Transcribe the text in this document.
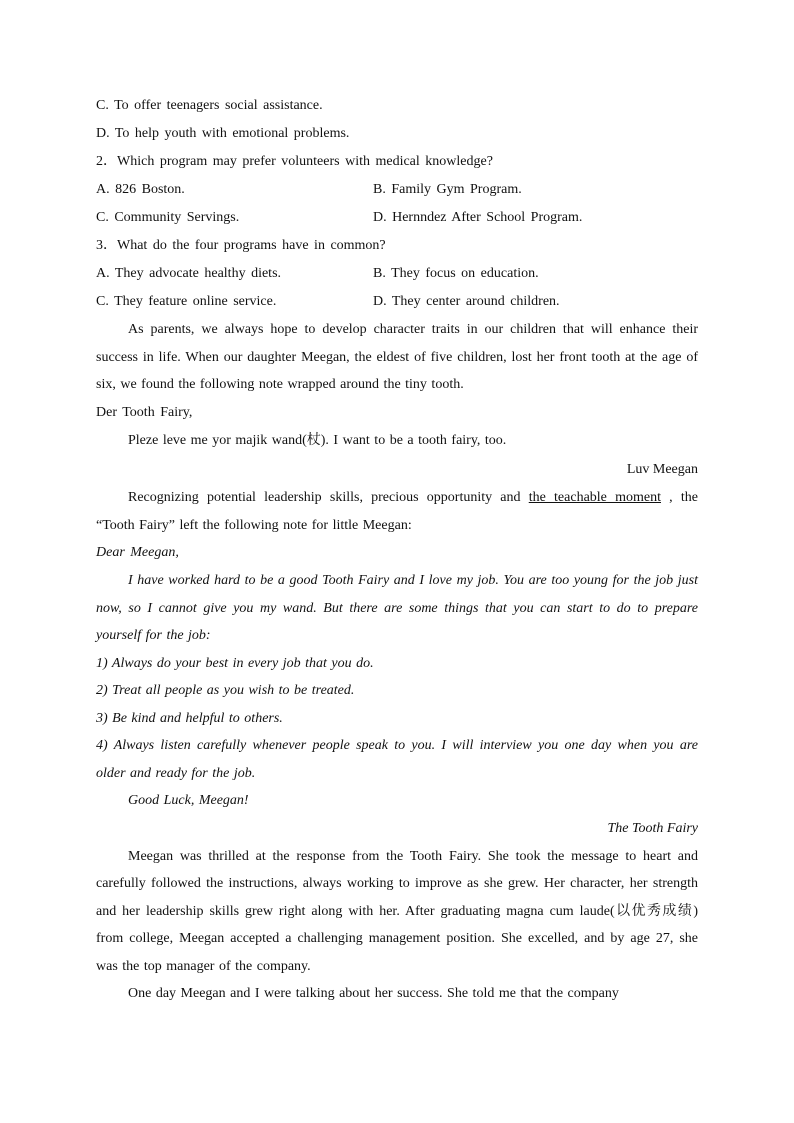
C. To offer teenagers social assistance.
D. To help youth with emotional problems.
2．Which program may prefer volunteers with medical knowledge?
A. 826 Boston.	B. Family Gym Program.
C. Community Servings.	D. Hernndez After School Program.
3．What do the four programs have in common?
A. They advocate healthy diets.	B. They focus on education.
C. They feature online service.	D. They center around children.
As parents, we always hope to develop character traits in our children that will enhance their success in life. When our daughter Meegan, the eldest of five children, lost her front tooth at the age of six, we found the following note wrapped around the tiny tooth.
Der Tooth Fairy,
Pleze leve me yor majik wand(杖). I want to be a tooth fairy, too.
Luv Meegan
Recognizing potential leadership skills, precious opportunity and the teachable moment , the “Tooth Fairy” left the following note for little Meegan:
Dear Meegan,
I have worked hard to be a good Tooth Fairy and I love my job. You are too young for the job just now, so I cannot give you my wand. But there are some things that you can start to do to prepare yourself for the job:
1) Always do your best in every job that you do.
2) Treat all people as you wish to be treated.
3) Be kind and helpful to others.
4) Always listen carefully whenever people speak to you. I will interview you one day when you are older and ready for the job.
Good Luck, Meegan!
The Tooth Fairy
Meegan was thrilled at the response from the Tooth Fairy. She took the message to heart and carefully followed the instructions, always working to improve as she grew. Her character, her strength and her leadership skills grew right along with her. After graduating magna cum laude(以优秀成绩) from college, Meegan accepted a challenging management position. She excelled, and by age 27, she was the top manager of the company.
One day Meegan and I were talking about her success. She told me that the company
